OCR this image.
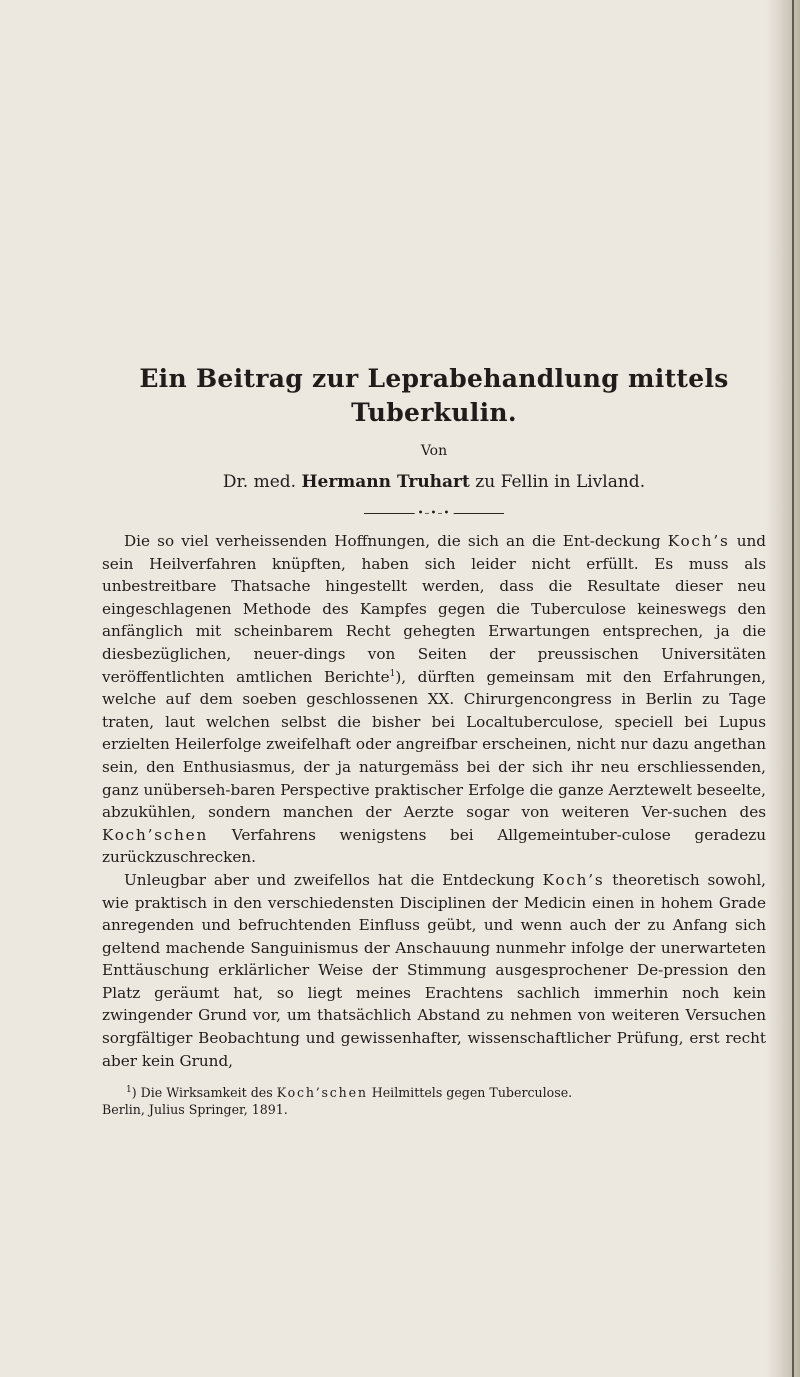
Ein Beitrag zur Leprabehandlung mittels
Tuberkulin.
Von
Dr. med. Hermann Truhart zu Fellin in Livland.
•–•–•

Die so viel verheissenden Hoffnungen, die sich an die Ent-deckung Koch’s und sein Heilverfahren knüpften, haben sich leider nicht erfüllt. Es muss als unbestreitbare Thatsache hingestellt werden, dass die Resultate dieser neu eingeschlagenen Methode des Kampfes gegen die Tuberculose keineswegs den anfänglich mit scheinbarem Recht gehegten Erwartungen entsprechen, ja die diesbezüglichen, neuer-dings von Seiten der preussischen Universitäten veröffentlichten amtlichen Berichte$^1$), dürften gemeinsam mit den Erfahrungen, welche auf dem soeben geschlossenen XX. Chirurgencongress in Berlin zu Tage traten, laut welchen selbst die bisher bei Localtuberculose, speciell bei Lupus erzielten Heilerfolge zweifelhaft oder angreifbar erscheinen, nicht nur dazu angethan sein, den Enthusiasmus, der ja naturgemäss bei der sich ihr neu erschliessenden, ganz unüberseh-baren Perspective praktischer Erfolge die ganze Aerztewelt beseelte, abzukühlen, sondern manchen der Aerzte sogar von weiteren Ver-suchen des Koch’schen Verfahrens wenigstens bei Allgemeintuber-culose geradezu zurückzuschrecken.

Unleugbar aber und zweifellos hat die Entdeckung Koch’s theoretisch sowohl, wie praktisch in den verschiedensten Disciplinen der Medicin einen in hohem Grade anregenden und befruchtenden Einfluss geübt, und wenn auch der zu Anfang sich geltend machende Sanguinismus der Anschauung nunmehr infolge der unerwarteten Enttäuschung erklärlicher Weise der Stimmung ausgesprochener De-pression den Platz geräumt hat, so liegt meines Erachtens sachlich immerhin noch kein zwingender Grund vor, um thatsächlich Abstand zu nehmen von weiteren Versuchen sorgfältiger Beobachtung und gewissenhafter, wissenschaftlicher Prüfung, erst recht aber kein Grund,

$^1$) Die Wirksamkeit des Koch’schen Heilmittels gegen Tuberculose.

Berlin, Julius Springer, 1891.
